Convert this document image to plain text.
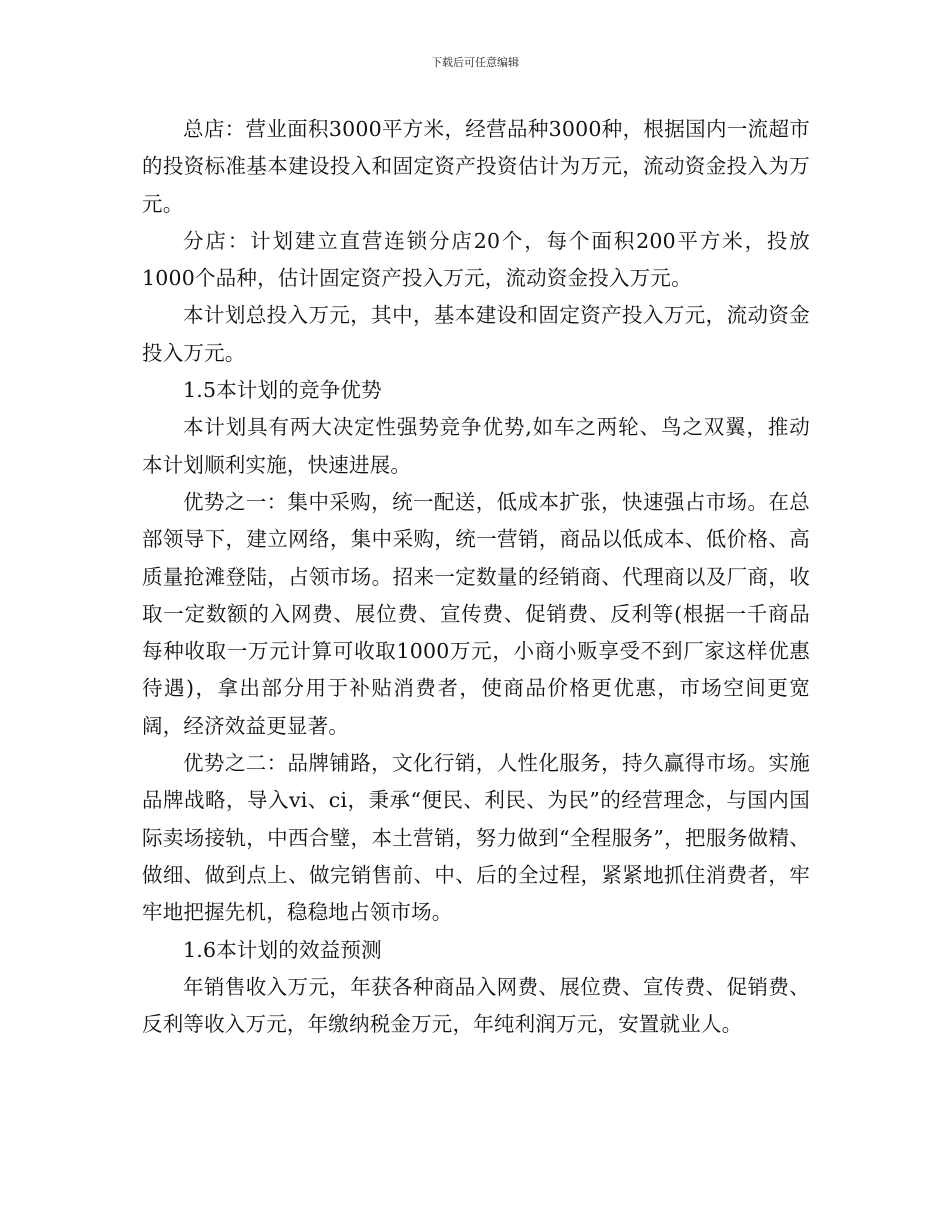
下载后可任意编辑

总店：营业面积3000平方米，经营品种3000种，根据国内一流超市的投资标准基本建设投入和固定资产投资估计为万元，流动资金投入为万元。

分店：计划建立直营连锁分店20个，每个面积200平方米，投放1000个品种，估计固定资产投入万元，流动资金投入万元。

本计划总投入万元，其中，基本建设和固定资产投入万元，流动资金投入万元。

1.5本计划的竞争优势

本计划具有两大决定性强势竞争优势,如车之两轮、鸟之双翼，推动本计划顺利实施，快速进展。

优势之一：集中采购，统一配送，低成本扩张，快速强占市场。在总部领导下，建立网络，集中采购，统一营销，商品以低成本、低价格、高质量抢滩登陆，占领市场。招来一定数量的经销商、代理商以及厂商，收取一定数额的入网费、展位费、宣传费、促销费、反利等(根据一千商品每种收取一万元计算可收取1000万元，小商小贩享受不到厂家这样优惠待遇)，拿出部分用于补贴消费者，使商品价格更优惠，市场空间更宽阔，经济效益更显著。

优势之二：品牌铺路，文化行销，人性化服务，持久赢得市场。实施品牌战略，导入vi、ci，秉承“便民、利民、为民”的经营理念，与国内国际卖场接轨，中西合璧，本土营销，努力做到“全程服务”，把服务做精、做细、做到点上、做完销售前、中、后的全过程，紧紧地抓住消费者，牢牢地把握先机，稳稳地占领市场。

1.6本计划的效益预测

年销售收入万元，年获各种商品入网费、展位费、宣传费、促销费、反利等收入万元，年缴纳税金万元，年纯利润万元，安置就业人。
